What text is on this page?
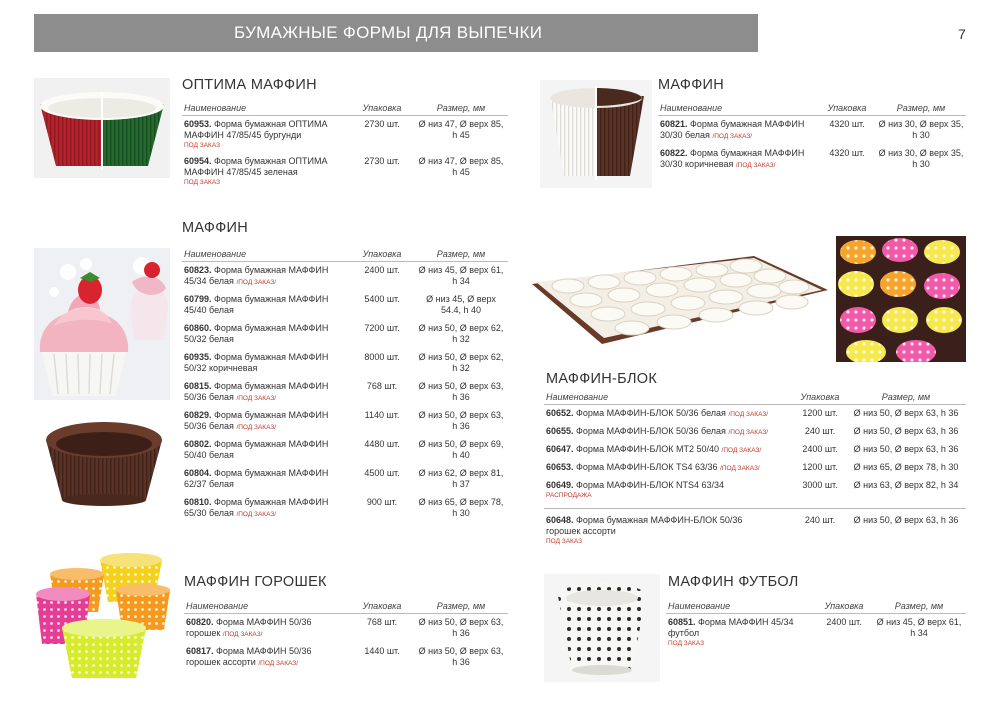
БУМАЖНЫЕ ФОРМЫ ДЛЯ ВЫПЕЧКИ	7
ОПТИМА МАФФИН
Наименование	Упаковка	Размер, мм
60953. Форма бумажная ОПТИМА МАФФИН 47/85/45 бургунди
ПОД ЗАКАЗ	2730 шт.	Ø низ 47, Ø верх 85, h 45
60954. Форма бумажная ОПТИМА МАФФИН 47/85/45 зеленая
ПОД ЗАКАЗ	2730 шт.	Ø низ 47, Ø верх 85, h 45
МАФФИН
Наименование	Упаковка	Размер, мм
60821. Форма бумажная МАФФИН 30/30 белая /ПОД ЗАКАЗ/	4320 шт.	Ø низ 30, Ø верх 35, h 30
60822. Форма бумажная МАФФИН 30/30 коричневая /ПОД ЗАКАЗ/	4320 шт.	Ø низ 30, Ø верх 35, h 30
МАФФИН
Наименование	Упаковка	Размер, мм
60823. Форма бумажная МАФФИН 45/34 белая /ПОД ЗАКАЗ/	2400 шт.	Ø низ 45, Ø верх 61, h 34
60799. Форма бумажная МАФФИН 45/40 белая	5400 шт.	Ø низ 45, Ø верх 54.4, h 40
60860. Форма бумажная МАФФИН 50/32 белая	7200 шт.	Ø низ 50, Ø верх 62, h 32
60935. Форма бумажная МАФФИН 50/32 коричневая	8000 шт.	Ø низ 50, Ø верх 62, h 32
60815. Форма бумажная МАФФИН 50/36 белая /ПОД ЗАКАЗ/	768 шт.	Ø низ 50, Ø верх 63, h 36
60829. Форма бумажная МАФФИН 50/36 белая /ПОД ЗАКАЗ/	1140 шт.	Ø низ 50, Ø верх 63, h 36
60802. Форма бумажная МАФФИН 50/40 белая	4480 шт.	Ø низ 50, Ø верх 69, h 40
60804. Форма бумажная МАФФИН 62/37 белая	4500 шт.	Ø низ 62, Ø верх 81, h 37
60810. Форма бумажная МАФФИН 65/30 белая /ПОД ЗАКАЗ/	900 шт.	Ø низ 65, Ø верх 78, h 30
МАФФИН-БЛОК
Наименование	Упаковка	Размер, мм
60652. Форма МАФФИН-БЛОК 50/36 белая /ПОД ЗАКАЗ/	1200 шт.	Ø низ 50, Ø верх 63, h 36
60655. Форма МАФФИН-БЛОК 50/36 белая /ПОД ЗАКАЗ/	240 шт.	Ø низ 50, Ø верх 63, h 36
60647. Форма МАФФИН-БЛОК МТ2 50/40 /ПОД ЗАКАЗ/	2400 шт.	Ø низ 50, Ø верх 63, h 36
60653. Форма МАФФИН-БЛОК TS4 63/36 /ПОД ЗАКАЗ/	1200 шт.	Ø низ 65, Ø верх 78, h 30
60649. Форма МАФФИН-БЛОК NTS4 63/34
РАСПРОДАЖА	3000 шт.	Ø низ 63, Ø верх 82, h 34
60648. Форма бумажная МАФФИН-БЛОК 50/36 горошек ассорти
ПОД ЗАКАЗ	240 шт.	Ø низ 50, Ø верх 63, h 36
МАФФИН ГОРОШЕК
Наименование	Упаковка	Размер, мм
60820. Форма МАФФИН 50/36 горошек /ПОД ЗАКАЗ/	768 шт.	Ø низ 50, Ø верх 63, h 36
60817. Форма МАФФИН 50/36 горошек ассорти /ПОД ЗАКАЗ/	1440 шт.	Ø низ 50, Ø верх 63, h 36
МАФФИН ФУТБОЛ
Наименование	Упаковка	Размер, мм
60851. Форма МАФФИН 45/34 футбол
ПОД ЗАКАЗ	2400 шт.	Ø низ 45, Ø верх 61, h 34
